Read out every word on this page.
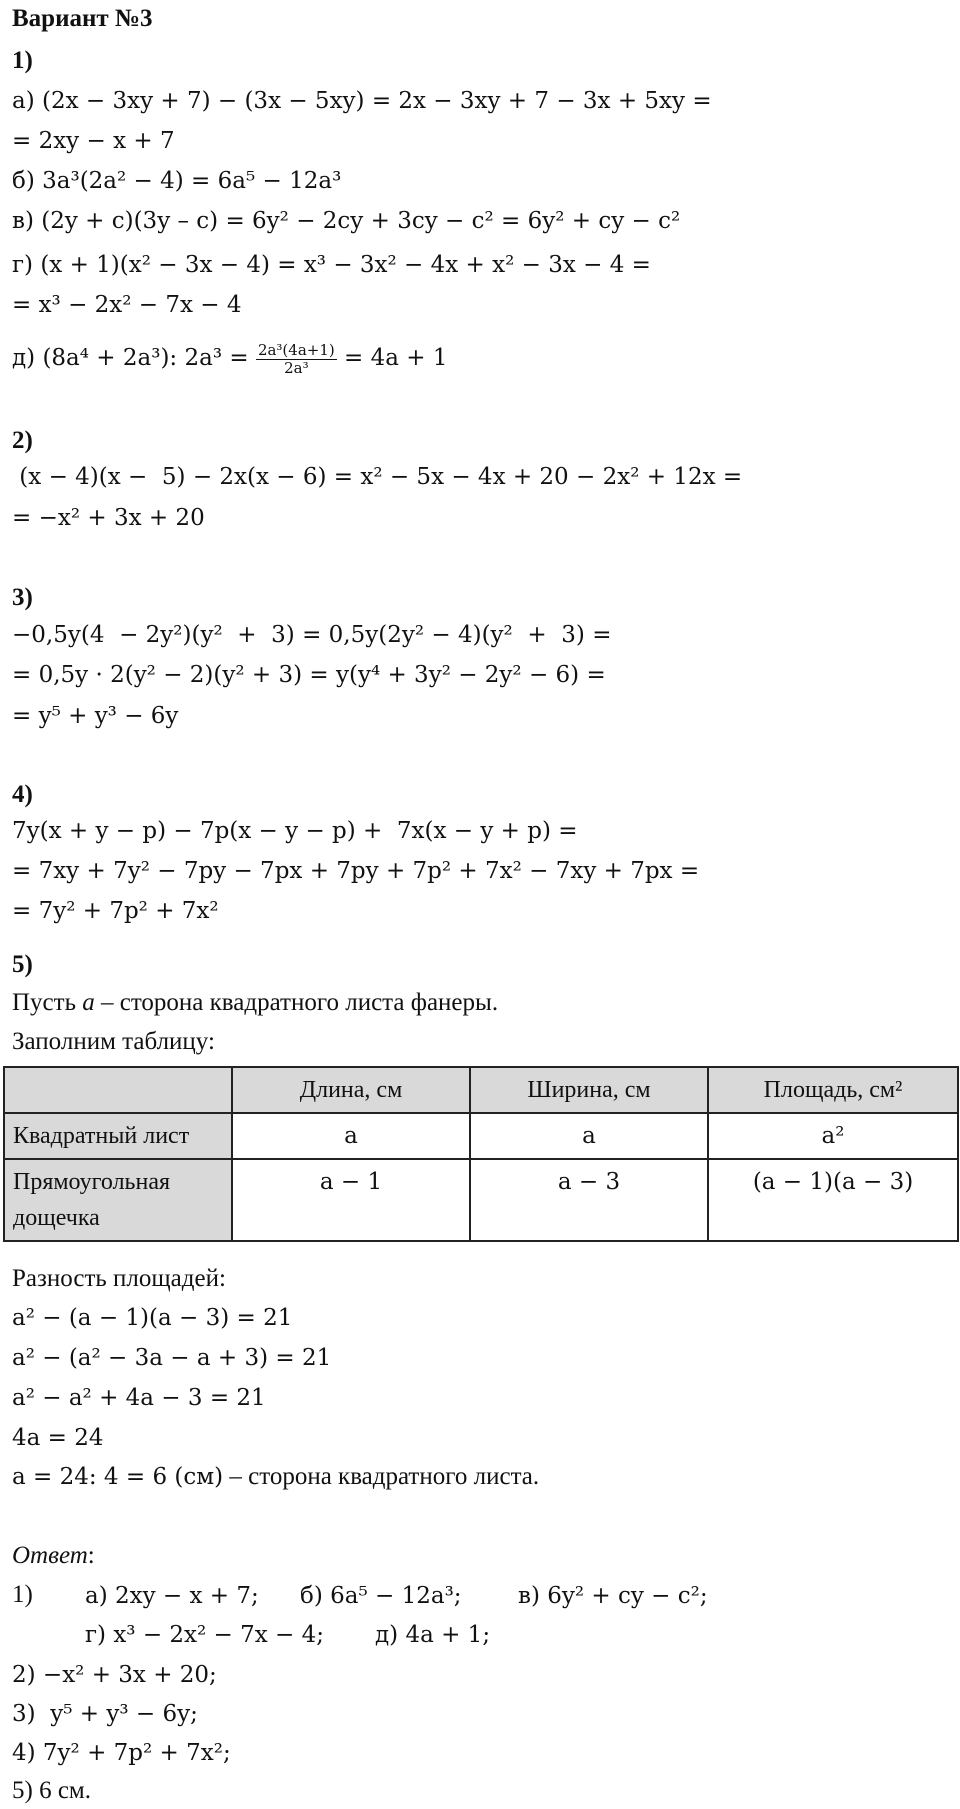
Вариант №3
1)
а) (2x − 3xy + 7) − (3x − 5xy) = 2x − 3xy + 7 − 3x + 5xy =
= 2xy − x + 7
б) 3a³(2a² − 4) = 6a⁵ − 12a³
в) (2y + c)(3y – c) = 6y² − 2cy + 3cy − c² = 6y² + cy − c²
г) (x + 1)(x² − 3x − 4) = x³ − 3x² − 4x + x² − 3x − 4 =
= x³ − 2x² − 7x − 4
д) (8a⁴ + 2a³): $2a^3 = \frac{\text{2a³(4a+1)}}{\text{2a³}} = 4a + 1$
2)
(x − 4)(x −  5) − 2x(x − 6) = x² − 5x − 4x + 20 − 2x² + 12x =
= −x² + 3x + 20
3)
−0,5y(4  − 2y²)(y²  +  3) = 0,5y(2y² − 4)(y²  +  3) =
= 0,5y · 2(y² − 2)(y² + 3) = y(y⁴ + 3y² − 2y² − 6) =
= y⁵ + y³ − 6y
4)
7y(x + y − p) − 7p(x − y − p) +  7x(x − y + p) =
= 7xy + 7y² − 7py − 7px + 7py + 7p² + 7x² − 7xy + 7px =
= 7y² + 7p² + 7x²
5)
Пусть a – сторона квадратного листа фанеры.
Заполним таблицу:
	Длина, см	Ширина, см	Площадь, см²
Квадратный лист	a	a	a²
Прямоугольная дощечка	a − 1	a − 3	(a − 1)(a − 3)
Разность площадей:
a² − (a − 1)(a − 3) = 21
a² − (a² − 3a − a + 3) = 21
a² − a² + 4a − 3 = 21
4a = 24
a = 24: 4 = 6 (см) – сторона квадратного листа.
Ответ:
1) а) 2xy − x + 7; б) 6a⁵ − 12a³; в) 6y² + cy − c²;
г) x³ − 2x² − 7x − 4; д) 4a + 1;
2) −x² + 3x + 20;
3)  y⁵ + y³ − 6y;
4) 7y² + 7p² + 7x²;
5) 6 см.
